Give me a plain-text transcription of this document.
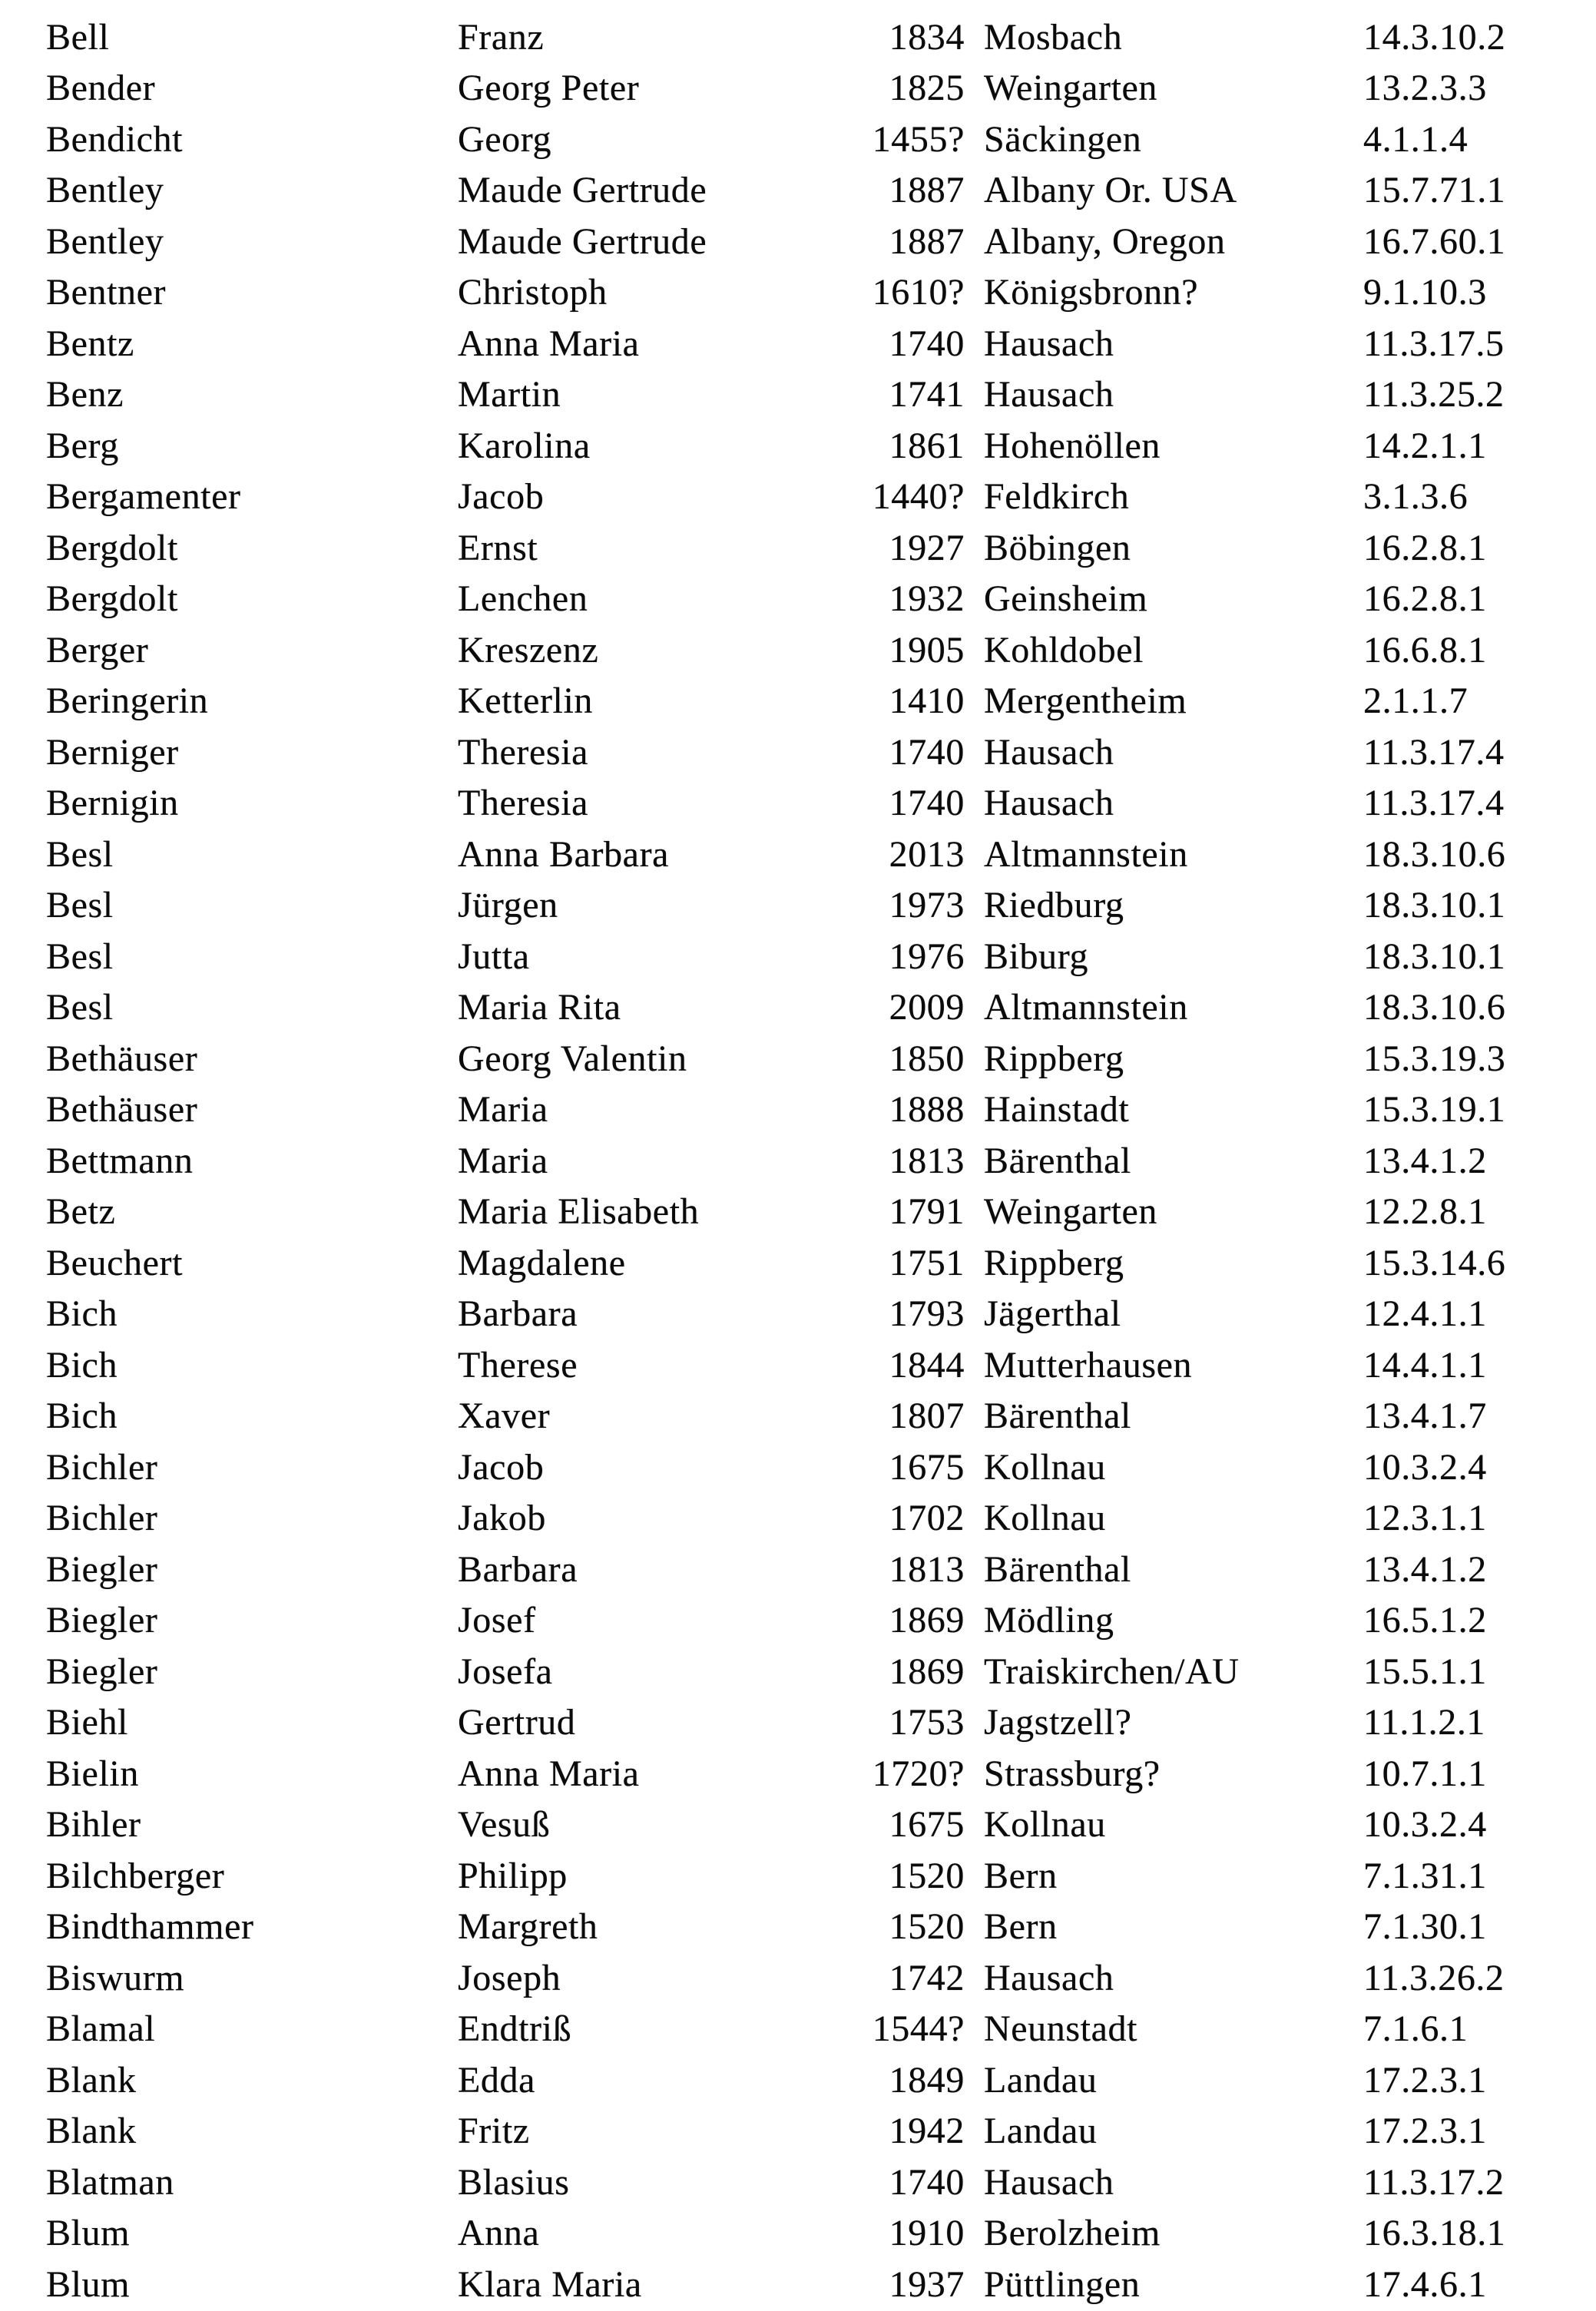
Bell	Franz	1834 Mosbach	14.3.10.2
Bender	Georg Peter	1825 Weingarten	13.2.3.3
Bendicht	Georg	1455? Säckingen	4.1.1.4
Bentley	Maude Gertrude	1887 Albany Or. USA	15.7.71.1
Bentley	Maude Gertrude	1887 Albany, Oregon	16.7.60.1
Bentner	Christoph	1610? Königsbronn?	9.1.10.3
Bentz	Anna Maria	1740 Hausach	11.3.17.5
Benz	Martin	1741 Hausach	11.3.25.2
Berg	Karolina	1861 Hohenöllen	14.2.1.1
Bergamenter	Jacob	1440? Feldkirch	3.1.3.6
Bergdolt	Ernst	1927 Böbingen	16.2.8.1
Bergdolt	Lenchen	1932 Geinsheim	16.2.8.1
Berger	Kreszenz	1905 Kohldobel	16.6.8.1
Beringerin	Ketterlin	1410 Mergentheim	2.1.1.7
Berniger	Theresia	1740 Hausach	11.3.17.4
Bernigin	Theresia	1740 Hausach	11.3.17.4
Besl	Anna Barbara	2013 Altmannstein	18.3.10.6
Besl	Jürgen	1973 Riedburg	18.3.10.1
Besl	Jutta	1976 Biburg	18.3.10.1
Besl	Maria Rita	2009 Altmannstein	18.3.10.6
Bethäuser	Georg Valentin	1850 Rippberg	15.3.19.3
Bethäuser	Maria	1888 Hainstadt	15.3.19.1
Bettmann	Maria	1813 Bärenthal	13.4.1.2
Betz	Maria Elisabeth	1791 Weingarten	12.2.8.1
Beuchert	Magdalene	1751 Rippberg	15.3.14.6
Bich	Barbara	1793 Jägerthal	12.4.1.1
Bich	Therese	1844 Mutterhausen	14.4.1.1
Bich	Xaver	1807 Bärenthal	13.4.1.7
Bichler	Jacob	1675 Kollnau	10.3.2.4
Bichler	Jakob	1702 Kollnau	12.3.1.1
Biegler	Barbara	1813 Bärenthal	13.4.1.2
Biegler	Josef	1869 Mödling	16.5.1.2
Biegler	Josefa	1869 Traiskirchen/AU	15.5.1.1
Biehl	Gertrud	1753 Jagstzell?	11.1.2.1
Bielin	Anna Maria	1720? Strassburg?	10.7.1.1
Bihler	Vesuß	1675 Kollnau	10.3.2.4
Bilchberger	Philipp	1520 Bern	7.1.31.1
Bindthammer	Margreth	1520 Bern	7.1.30.1
Biswurm	Joseph	1742 Hausach	11.3.26.2
Blamal	Endtriß	1544? Neunstadt	7.1.6.1
Blank	Edda	1849 Landau	17.2.3.1
Blank	Fritz	1942 Landau	17.2.3.1
Blatman	Blasius	1740 Hausach	11.3.17.2
Blum	Anna	1910 Berolzheim	16.3.18.1
Blum	Klara Maria	1937 Püttlingen	17.4.6.1
